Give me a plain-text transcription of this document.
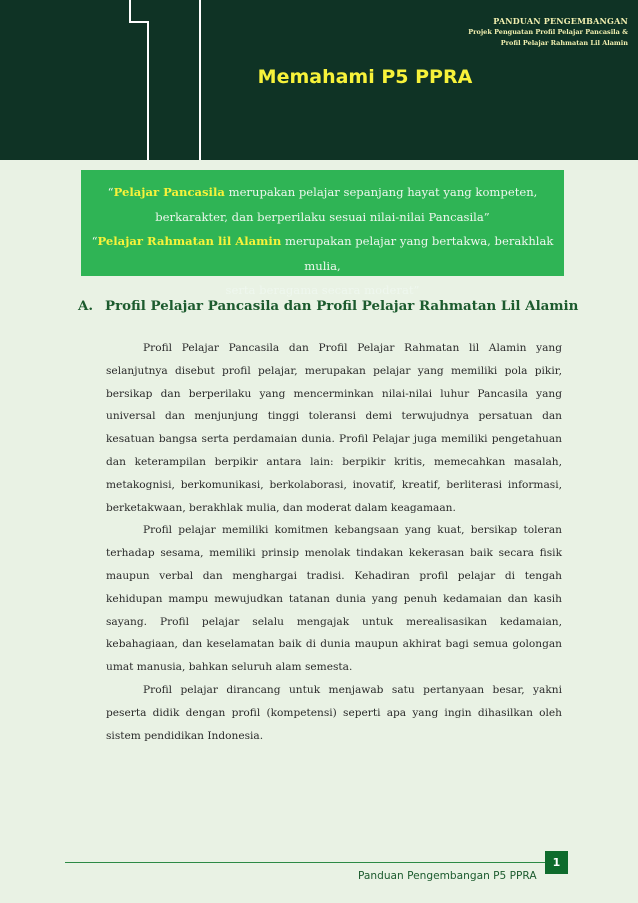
PANDUAN PENGEMBANGAN
Projek Penguatan Profil Pelajar Pancasila &
Profil Pelajar Rahmatan Lil Alamin
Memahami P5 PPRA

“Pelajar Pancasila merupakan pelajar sepanjang hayat yang kompeten,

berkarakter, dan berperilaku sesuai nilai-nilai Pancasila”

“Pelajar Rahmatan lil Alamin merupakan pelajar yang bertakwa, berakhlak mulia,

serta beragama secara moderat”

A. Profil Pelajar Pancasila dan Profil Pelajar Rahmatan Lil Alamin

Profil Pelajar Pancasila dan Profil Pelajar Rahmatan lil Alamin yang selanjutnya disebut profil pelajar, merupakan pelajar yang memiliki pola pikir, bersikap dan berperilaku yang mencerminkan nilai-nilai luhur Pancasila yang universal dan menjunjung tinggi toleransi demi terwujudnya persatuan dan kesatuan bangsa serta perdamaian dunia. Profil Pelajar juga memiliki pengetahuan dan keterampilan berpikir antara lain: berpikir kritis, memecahkan masalah, metakognisi, berkomunikasi, berkolaborasi, inovatif, kreatif, berliterasi informasi, berketakwaan, berakhlak mulia, dan moderat dalam keagamaan.

Profil pelajar memiliki komitmen kebangsaan yang kuat, bersikap toleran terhadap sesama, memiliki prinsip menolak tindakan kekerasan baik secara fisik maupun verbal dan menghargai tradisi. Kehadiran profil pelajar di tengah kehidupan mampu mewujudkan tatanan dunia yang penuh kedamaian dan kasih sayang. Profil pelajar selalu mengajak untuk merealisasikan kedamaian, kebahagiaan, dan keselamatan baik di dunia maupun akhirat bagi semua golongan umat manusia, bahkan seluruh alam semesta.

Profil pelajar dirancang untuk menjawab satu pertanyaan besar, yakni peserta didik dengan profil (kompetensi) seperti apa yang ingin dihasilkan oleh sistem pendidikan Indonesia.

1
Panduan Pengembangan P5 PPRA
